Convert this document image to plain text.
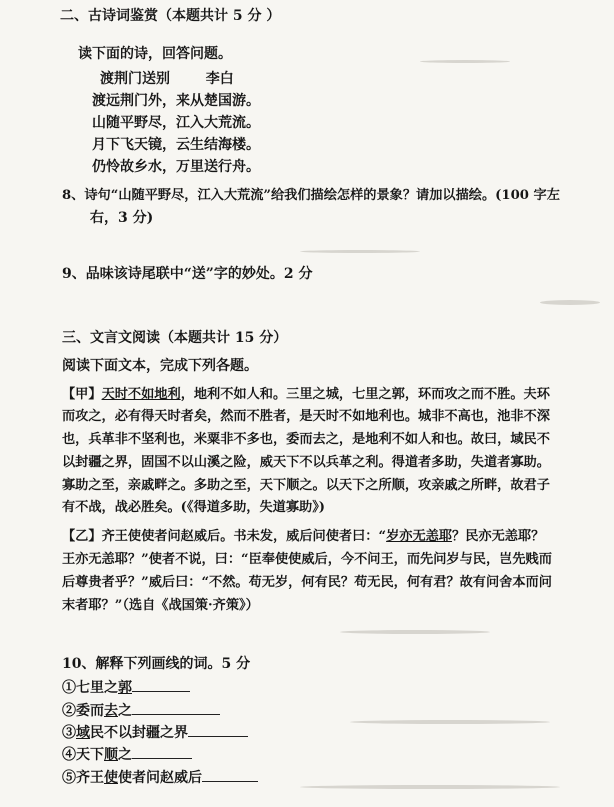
二、古诗词鉴赏（本题共计 5 分 ）
读下面的诗，回答问题。
渡荆门送别	李白
渡远荆门外，来从楚国游。
山随平野尽，江入大荒流。
月下飞天镜，云生结海楼。
仍怜故乡水，万里送行舟。
8、诗句“山随平野尽，江入大荒流”给我们描绘怎样的景象？请加以描绘。(100 字左
右，3 分)
9、品味该诗尾联中“送”字的妙处。2 分
三、文言文阅读（本题共计 15 分）
阅读下面文本，完成下列各题。
【甲】天时不如地利，地利不如人和。三里之城，七里之郭，环而攻之而不胜。夫环
而攻之，必有得天时者矣，然而不胜者，是天时不如地利也。城非不高也，池非不深
也，兵革非不坚利也，米粟非不多也，委而去之，是地利不如人和也。故曰，域民不
以封疆之界，固国不以山溪之险，威天下不以兵革之利。得道者多助，失道者寡助。
寡助之至，亲戚畔之。多助之至，天下顺之。以天下之所顺，攻亲戚之所畔，故君子
有不战，战必胜矣。(《得道多助，失道寡助》)
【乙】齐王使使者问赵威后。书未发，威后问使者曰：“岁亦无恙耶？民亦无恙耶？
王亦无恙耶？”使者不说，曰：“臣奉使使威后，今不问王，而先问岁与民，岂先贱而
后尊贵者乎？”威后曰：“不然。苟无岁，何有民？苟无民，何有君？故有问舍本而问
末者耶？”（选自《战国策·齐策》）
10、解释下列画线的词。5 分
①七里之郭
②委而去之
③域民不以封疆之界
④天下顺之
⑤齐王使使者问赵威后
